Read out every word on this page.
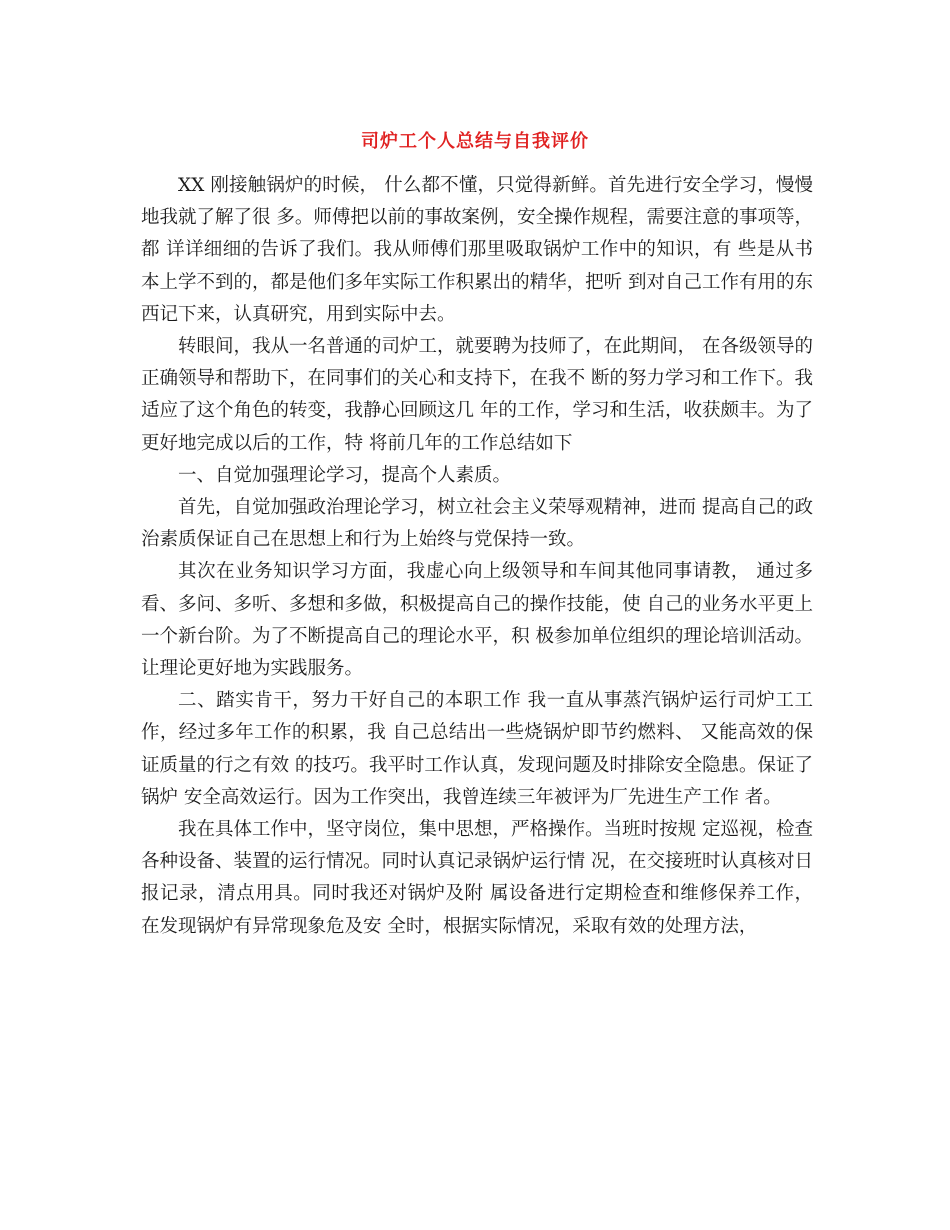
司炉工个人总结与自我评价

XX 刚接触锅炉的时候， 什么都不懂，只觉得新鲜。首先进行安全学习，慢慢地我就了解了很 多。师傅把以前的事故案例，安全操作规程，需要注意的事项等，都 详详细细的告诉了我们。我从师傅们那里吸取锅炉工作中的知识，有 些是从书本上学不到的，都是他们多年实际工作积累出的精华，把听 到对自己工作有用的东西记下来，认真研究，用到实际中去。

转眼间，我从一名普通的司炉工，就要聘为技师了，在此期间， 在各级领导的正确领导和帮助下，在同事们的关心和支持下，在我不 断的努力学习和工作下。我适应了这个角色的转变，我静心回顾这几 年的工作，学习和生活，收获颇丰。为了更好地完成以后的工作，特 将前几年的工作总结如下

一、自觉加强理论学习，提高个人素质。

首先，自觉加强政治理论学习，树立社会主义荣辱观精神，进而 提高自己的政治素质保证自己在思想上和行为上始终与党保持一致。

其次在业务知识学习方面，我虚心向上级领导和车间其他同事请教， 通过多看、多问、多听、多想和多做，积极提高自己的操作技能，使 自己的业务水平更上一个新台阶。为了不断提高自己的理论水平，积 极参加单位组织的理论培训活动。让理论更好地为实践服务。

二、踏实肯干，努力干好自己的本职工作 我一直从事蒸汽锅炉运行司炉工工作，经过多年工作的积累，我 自己总结出一些烧锅炉即节约燃料、 又能高效的保证质量的行之有效 的技巧。我平时工作认真，发现问题及时排除安全隐患。保证了锅炉 安全高效运行。因为工作突出，我曾连续三年被评为厂先进生产工作 者。

我在具体工作中，坚守岗位，集中思想，严格操作。当班时按规 定巡视，检查各种设备、装置的运行情况。同时认真记录锅炉运行情 况，在交接班时认真核对日报记录，清点用具。同时我还对锅炉及附 属设备进行定期检查和维修保养工作， 在发现锅炉有异常现象危及安 全时，根据实际情况，采取有效的处理方法，
